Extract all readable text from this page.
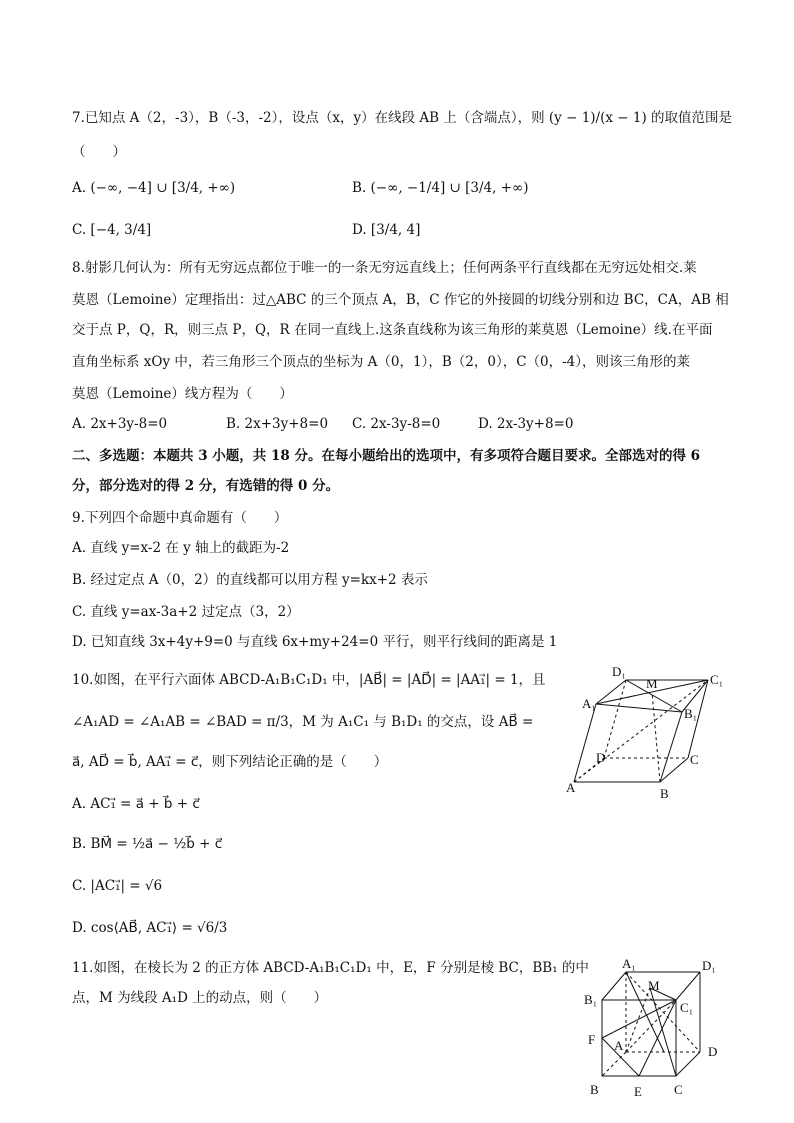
7.已知点 A（2，-3），B（-3，-2），设点（x，y）在线段 AB 上（含端点），则 (y − 1)/(x − 1) 的取值范围是
（　　）
A. (−∞, −4] ∪ [3/4, +∞)	B. (−∞, −1/4] ∪ [3/4, +∞)
C. [−4, 3/4]	D. [3/4, 4]
8.射影几何认为：所有无穷远点都位于唯一的一条无穷远直线上；任何两条平行直线都在无穷远处相交.莱
莫恩（Lemoine）定理指出：过△ABC 的三个顶点 A，B，C 作它的外接圆的切线分别和边 BC，CA，AB 相
交于点 P，Q，R，则三点 P，Q，R 在同一直线上.这条直线称为该三角形的莱莫恩（Lemoine）线.在平面
直角坐标系 xOy 中，若三角形三个顶点的坐标为 A（0，1），B（2，0），C（0，-4），则该三角形的莱
莫恩（Lemoine）线方程为（　　）
A. 2x+3y-8=0	B. 2x+3y+8=0 C. 2x-3y-8=0	D. 2x-3y+8=0
二、多选题：本题共 3 小题，共 18 分。在每小题给出的选项中，有多项符合题目要求。全部选对的得 6
分，部分选对的得 2 分，有选错的得 0 分。
9.下列四个命题中真命题有（　　）
A. 直线 y=x-2 在 y 轴上的截距为-2
B. 经过定点 A（0，2）的直线都可以用方程 y=kx+2 表示
C. 直线 y=ax-3a+2 过定点（3，2）
D. 已知直线 3x+4y+9=0 与直线 6x+my+24=0 平行，则平行线间的距离是 1
10.如图，在平行六面体 ABCD-A₁B₁C₁D₁ 中，|AB⃗| = |AD⃗| = |AA₁⃗| = 1，且
∠A₁AD = ∠A₁AB = ∠BAD = π/3，M 为 A₁C₁ 与 B₁D₁ 的交点，设 AB⃗ =
a⃗, AD⃗ = b⃗, AA₁⃗ = c⃗，则下列结论正确的是（　　）
A. AC₁⃗ = a⃗ + b⃗ + c⃗
B. BM⃗ = ½a⃗ − ½b⃗ + c⃗
C. |AC₁⃗| = √6
D. cos⟨AB⃗, AC₁⃗⟩ = √6/3
11.如图，在棱长为 2 的正方体 ABCD-A₁B₁C₁D₁ 中，E，F 分别是棱 BC，BB₁ 的中
点，M 为线段 A₁D 上的动点，则（　　）
D₁
M	C₁
A₁
B₁
D	C
A	B
A₁	D₁
M
B₁
C₁
F A	D
B	E C
